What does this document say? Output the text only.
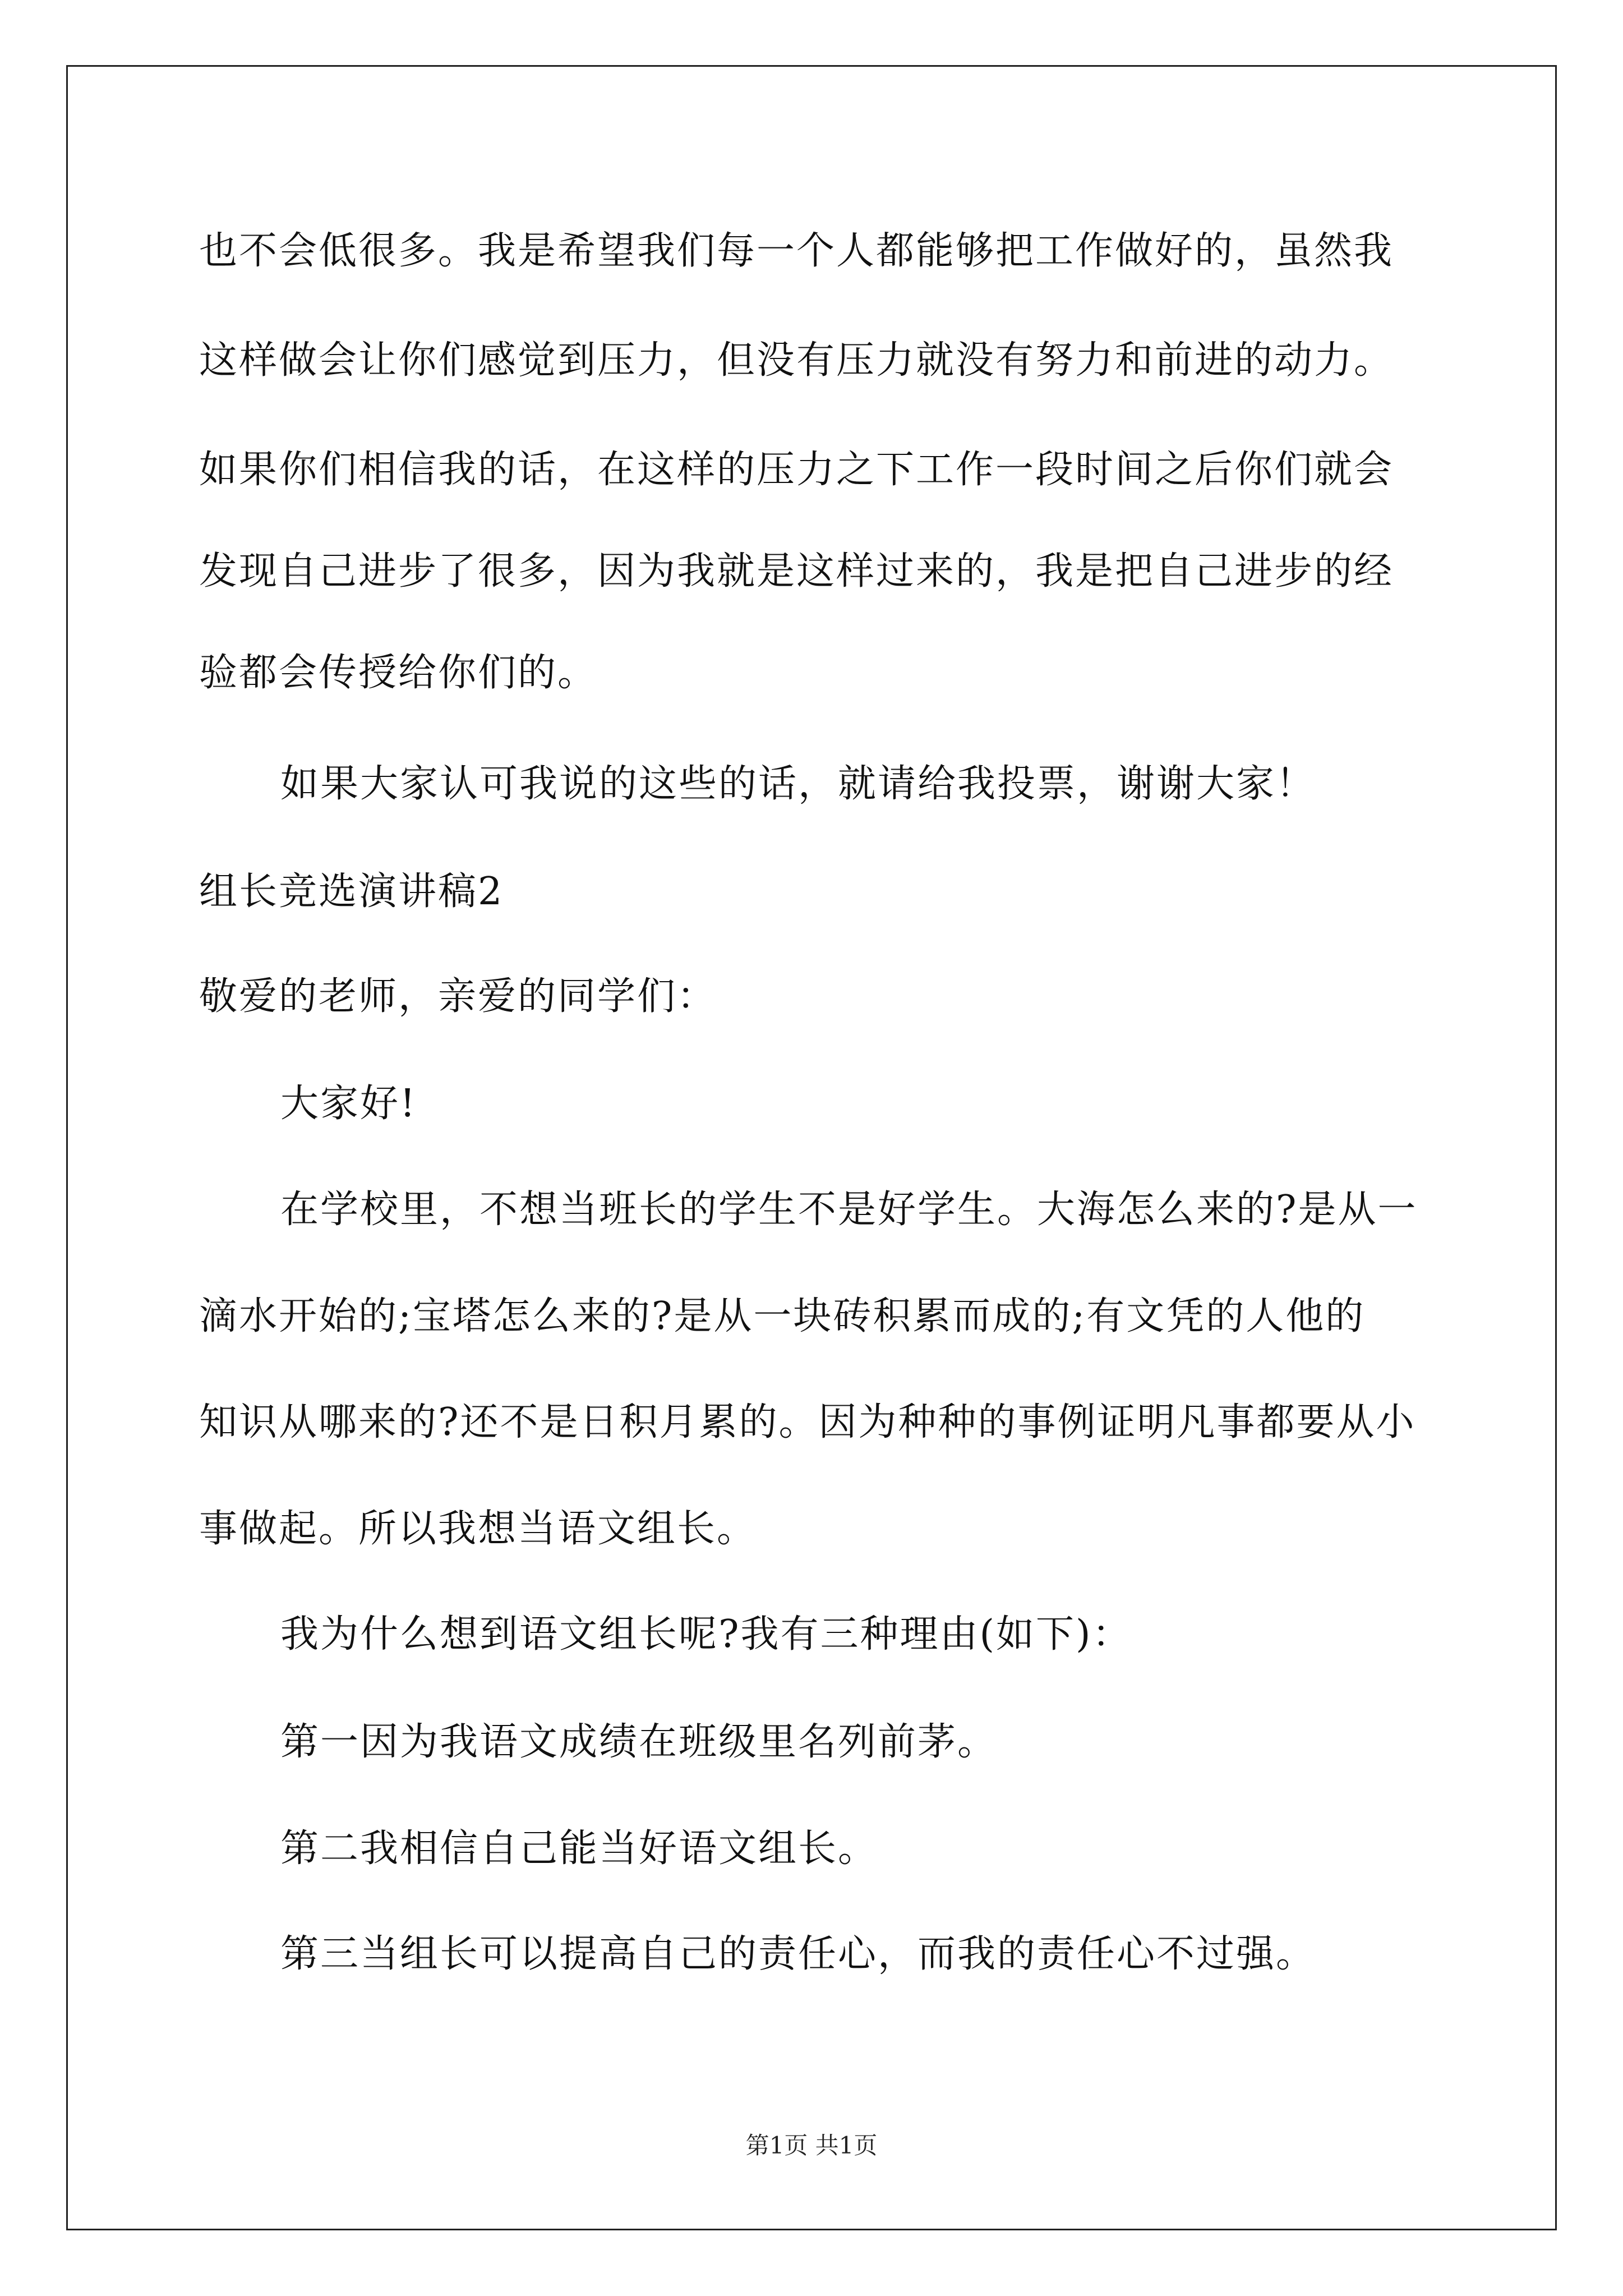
也不会低很多。我是希望我们每一个人都能够把工作做好的，虽然我
这样做会让你们感觉到压力，但没有压力就没有努力和前进的动力。
如果你们相信我的话，在这样的压力之下工作一段时间之后你们就会
发现自己进步了很多，因为我就是这样过来的，我是把自己进步的经
验都会传授给你们的。
如果大家认可我说的这些的话，就请给我投票，谢谢大家！
组长竞选演讲稿2
敬爱的老师，亲爱的同学们：
大家好!
在学校里，不想当班长的学生不是好学生。大海怎么来的?是从一
滴水开始的;宝塔怎么来的?是从一块砖积累而成的;有文凭的人他的
知识从哪来的?还不是日积月累的。因为种种的事例证明凡事都要从小
事做起。所以我想当语文组长。
我为什么想到语文组长呢?我有三种理由(如下)：
第一因为我语文成绩在班级里名列前茅。
第二我相信自己能当好语文组长。
第三当组长可以提高自己的责任心，而我的责任心不过强。
第1页 共1页
